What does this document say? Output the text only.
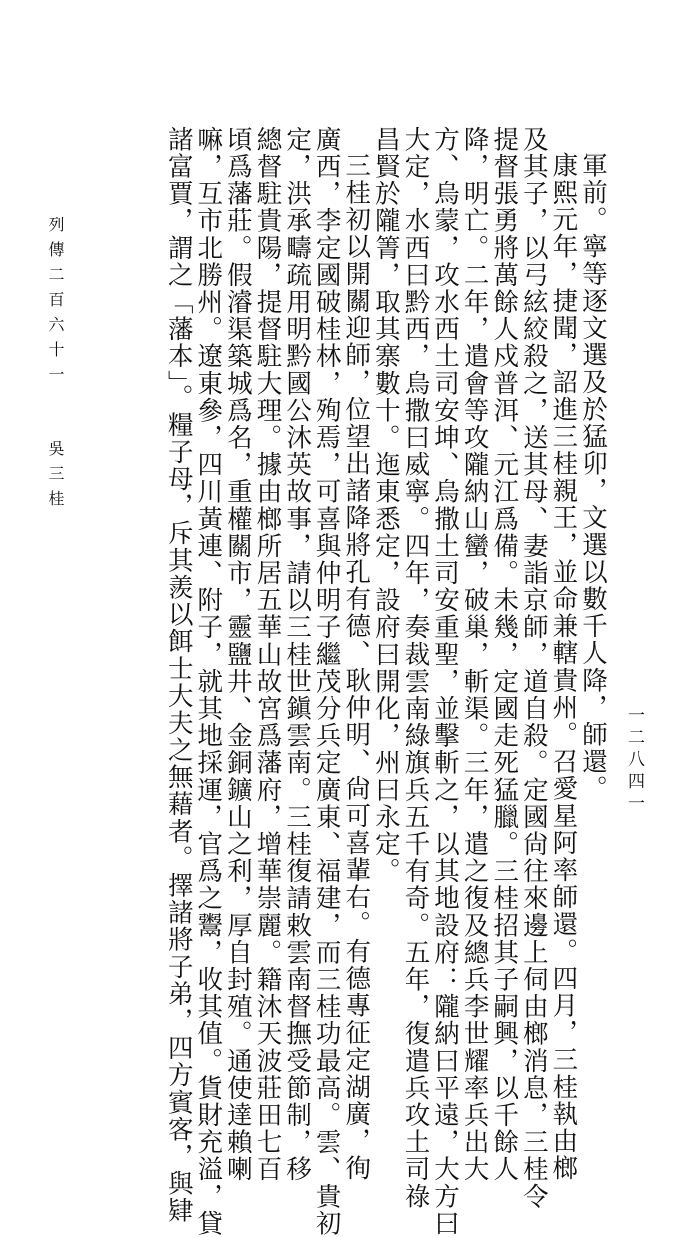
軍前。寧等逐文選及於猛卯，文選以數千人降，師還。

康熙元年，捷聞，詔進三桂親王，並命兼轄貴州。召愛星阿率師還。四月，三桂執由榔

及其子，以弓絃絞殺之，送其母、妻詣京師，道自殺。定國尙往來邊上伺由榔消息，三桂令

提督張勇將萬餘人戍普洱、元江爲備。未幾，定國走死猛臘。三桂招其子嗣興，以千餘人

降，明亡。二年，遣會等攻隴納山蠻，破巢，斬渠。三年，遣之復及總兵李世耀率兵出大

方、烏蒙，攻水西土司安坤、烏撒土司安重聖，並擊斬之，以其地設府：隴納曰平遠，大方曰

大定，水西曰黔西，烏撒曰威寧。四年，奏裁雲南綠旗兵五千有奇。五年，復遣兵攻土司祿

昌賢於隴箐，取其寨數十。迤東悉定，設府曰開化，州曰永定。

三桂初以開關迎師，位望出諸降將孔有德、耿仲明、尙可喜輩右。有德專征定湖廣，徇

廣西，李定國破桂林，殉焉，可喜與仲明子繼茂分兵定廣東、福建，而三桂功最高。雲、貴初

定，洪承疇疏用明黔國公沐英故事，請以三桂世鎭雲南。三桂復請敕雲南督撫受節制，移

總督駐貴陽，提督駐大理。據由榔所居五華山故宮爲藩府，增華崇麗。籍沐天波莊田七百

頃爲藩莊。假濬渠築城爲名，重權關市，靈鹽井、金銅鑛山之利，厚自封殖。通使達賴喇

嘛，互市北勝州。遼東參，四川黃連、附子，就其地採運，官爲之鬻，收其值。貨財充溢，貸

諸富賈，謂之「藩本」。糧子母，斥其羨以餌士大夫之無藉者。擇諸將子弟，四方賓客，與肄	一二八四一
列傳二百六十一
吳三桂
